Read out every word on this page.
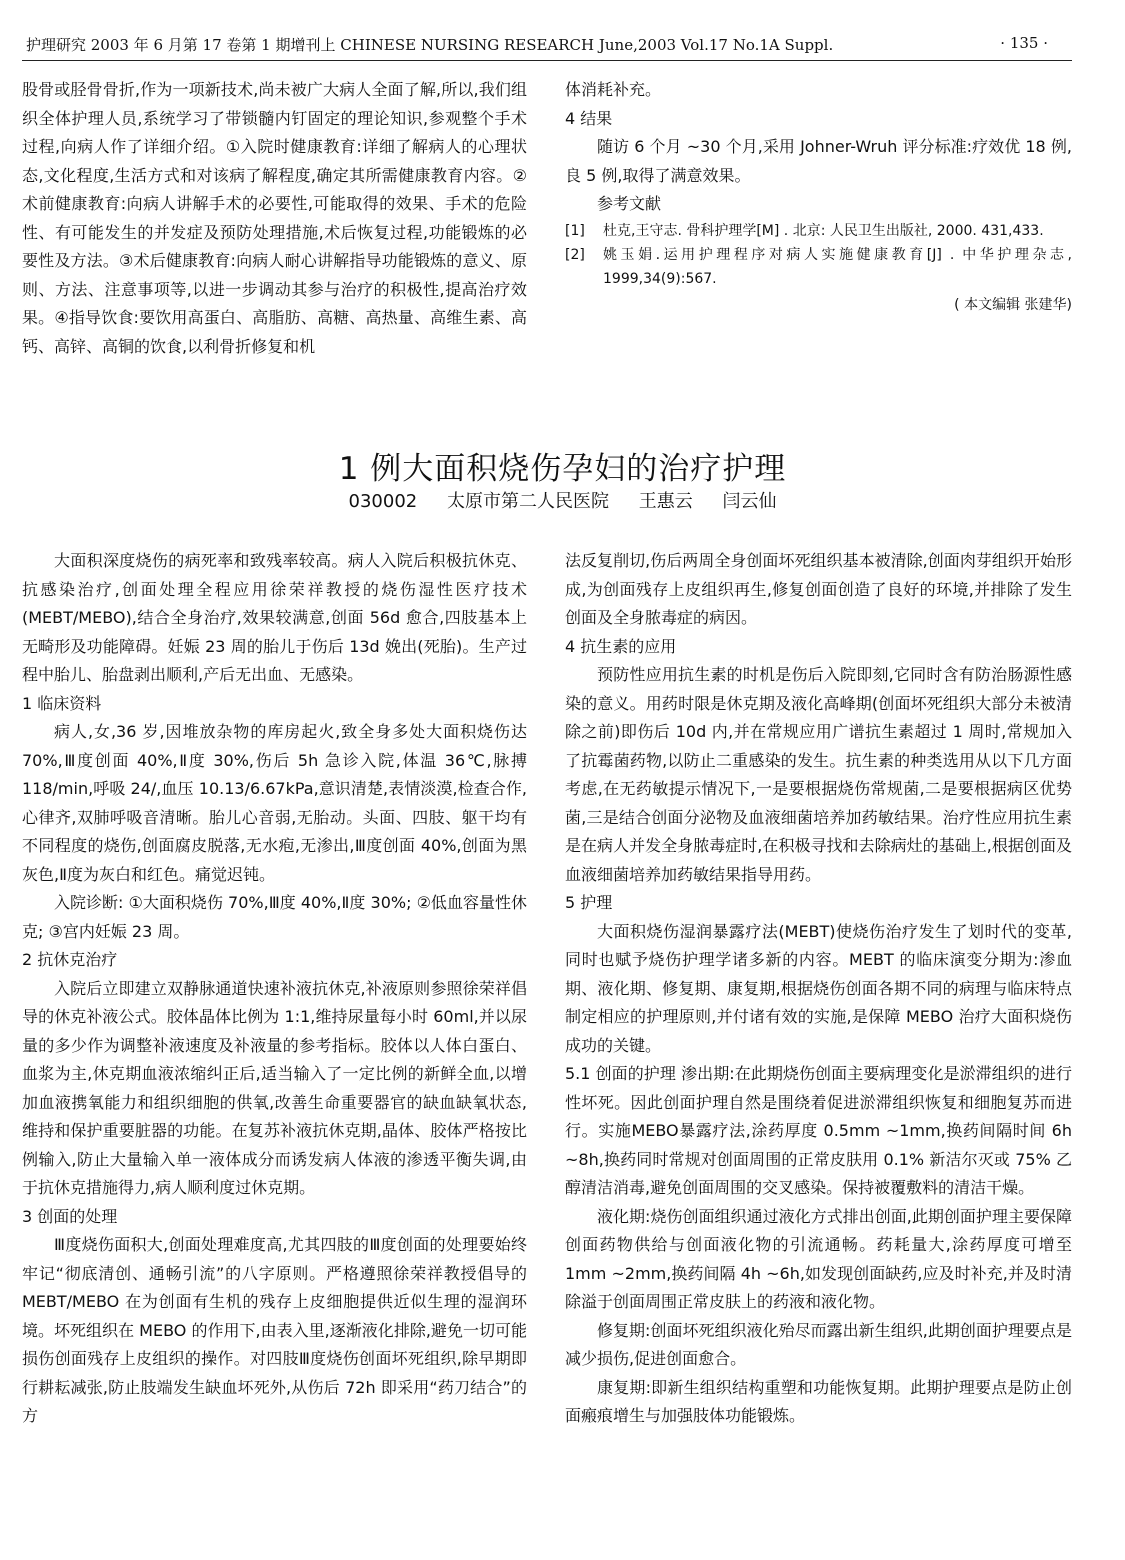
护理研究 2003 年 6 月第 17 卷第 1 期增刊上 CHINESE NURSING RESEARCH June,2003 Vol.17 No.1A Suppl.	· 135 ·

股骨或胫骨骨折,作为一项新技术,尚未被广大病人全面了解,所以,我们组织全体护理人员,系统学习了带锁髓内钉固定的理论知识,参观整个手术过程,向病人作了详细介绍。①入院时健康教育:详细了解病人的心理状态,文化程度,生活方式和对该病了解程度,确定其所需健康教育内容。②术前健康教育:向病人讲解手术的必要性,可能取得的效果、手术的危险性、有可能发生的并发症及预防处理措施,术后恢复过程,功能锻炼的必要性及方法。③术后健康教育:向病人耐心讲解指导功能锻炼的意义、原则、方法、注意事项等,以进一步调动其参与治疗的积极性,提高治疗效果。④指导饮食:要饮用高蛋白、高脂肪、高糖、高热量、高维生素、高钙、高锌、高铜的饮食,以利骨折修复和机

体消耗补充。

4 结果

随访 6 个月 ~30 个月,采用 Johner-Wruh 评分标准:疗效优 18 例, 良 5 例,取得了满意效果。

参考文献

[1]	杜克,王守志. 骨科护理学[M] . 北京: 人民卫生出版社, 2000. 431,433.
[2]	姚玉娟.运用护理程序对病人实施健康教育[J] . 中华护理杂志, 1999,34(9):567.

( 本文编辑 张建华)

1 例大面积烧伤孕妇的治疗护理
030002 太原市第二人民医院 王惠云 闫云仙

大面积深度烧伤的病死率和致残率较高。病人入院后积极抗休克、抗感染治疗,创面处理全程应用徐荣祥教授的烧伤湿性医疗技术(MEBT/MEBO),结合全身治疗,效果较满意,创面 56d 愈合,四肢基本上无畸形及功能障碍。妊娠 23 周的胎儿于伤后 13d 娩出(死胎)。生产过程中胎儿、胎盘剥出顺利,产后无出血、无感染。

1 临床资料

病人,女,36 岁,因堆放杂物的库房起火,致全身多处大面积烧伤达 70%,Ⅲ度创面 40%,Ⅱ度 30%,伤后 5h 急诊入院,体温 36℃,脉搏 118/min,呼吸 24/,血压 10.13/6.67kPa,意识清楚,表情淡漠,检查合作,心律齐,双肺呼吸音清晰。胎儿心音弱,无胎动。头面、四肢、躯干均有不同程度的烧伤,创面腐皮脱落,无水疱,无渗出,Ⅲ度创面 40%,创面为黑灰色,Ⅱ度为灰白和红色。痛觉迟钝。

入院诊断: ①大面积烧伤 70%,Ⅲ度 40%,Ⅱ度 30%; ②低血容量性休克; ③宫内妊娠 23 周。

2 抗休克治疗

入院后立即建立双静脉通道快速补液抗休克,补液原则参照徐荣祥倡导的休克补液公式。胶体晶体比例为 1:1,维持尿量每小时 60ml,并以尿量的多少作为调整补液速度及补液量的参考指标。胶体以人体白蛋白、血浆为主,休克期血液浓缩纠正后,适当输入了一定比例的新鲜全血,以增加血液携氧能力和组织细胞的供氧,改善生命重要器官的缺血缺氧状态,维持和保护重要脏器的功能。在复苏补液抗休克期,晶体、胶体严格按比例输入,防止大量输入单一液体成分而诱发病人体液的渗透平衡失调,由于抗休克措施得力,病人顺利度过休克期。

3 创面的处理

Ⅲ度烧伤面积大,创面处理难度高,尤其四肢的Ⅲ度创面的处理要始终牢记“彻底清创、通畅引流”的八字原则。严格遵照徐荣祥教授倡导的 MEBT/MEBO 在为创面有生机的残存上皮细胞提供近似生理的湿润环境。坏死组织在 MEBO 的作用下,由表入里,逐渐液化排除,避免一切可能损伤创面残存上皮组织的操作。对四肢Ⅲ度烧伤创面坏死组织,除早期即行耕耘减张,防止肢端发生缺血坏死外,从伤后 72h 即采用“药刀结合”的方

法反复削切,伤后两周全身创面坏死组织基本被清除,创面肉芽组织开始形成,为创面残存上皮组织再生,修复创面创造了良好的环境,并排除了发生创面及全身脓毒症的病因。

4 抗生素的应用

预防性应用抗生素的时机是伤后入院即刻,它同时含有防治肠源性感染的意义。用药时限是休克期及液化高峰期(创面坏死组织大部分未被清除之前)即伤后 10d 内,并在常规应用广谱抗生素超过 1 周时,常规加入了抗霉菌药物,以防止二重感染的发生。抗生素的种类选用从以下几方面考虑,在无药敏提示情况下,一是要根据烧伤常规菌,二是要根据病区优势菌,三是结合创面分泌物及血液细菌培养加药敏结果。治疗性应用抗生素是在病人并发全身脓毒症时,在积极寻找和去除病灶的基础上,根据创面及血液细菌培养加药敏结果指导用药。

5 护理

大面积烧伤湿润暴露疗法(MEBT)使烧伤治疗发生了划时代的变革,同时也赋予烧伤护理学诸多新的内容。MEBT 的临床演变分期为:渗血期、液化期、修复期、康复期,根据烧伤创面各期不同的病理与临床特点制定相应的护理原则,并付诸有效的实施,是保障 MEBO 治疗大面积烧伤成功的关键。

5.1 创面的护理 渗出期:在此期烧伤创面主要病理变化是淤滞组织的进行性坏死。因此创面护理自然是围绕着促进淤滞组织恢复和细胞复苏而进行。实施MEBO暴露疗法,涂药厚度 0.5mm ~1mm,换药间隔时间 6h ~8h,换药同时常规对创面周围的正常皮肤用 0.1% 新洁尔灭或 75% 乙醇清洁消毒,避免创面周围的交叉感染。保持被覆敷料的清洁干燥。

液化期:烧伤创面组织通过液化方式排出创面,此期创面护理主要保障创面药物供给与创面液化物的引流通畅。药耗量大,涂药厚度可增至 1mm ~2mm,换药间隔 4h ~6h,如发现创面缺药,应及时补充,并及时清除溢于创面周围正常皮肤上的药液和液化物。

修复期:创面坏死组织液化殆尽而露出新生组织,此期创面护理要点是减少损伤,促进创面愈合。

康复期:即新生组织结构重塑和功能恢复期。此期护理要点是防止创面瘢痕增生与加强肢体功能锻炼。
